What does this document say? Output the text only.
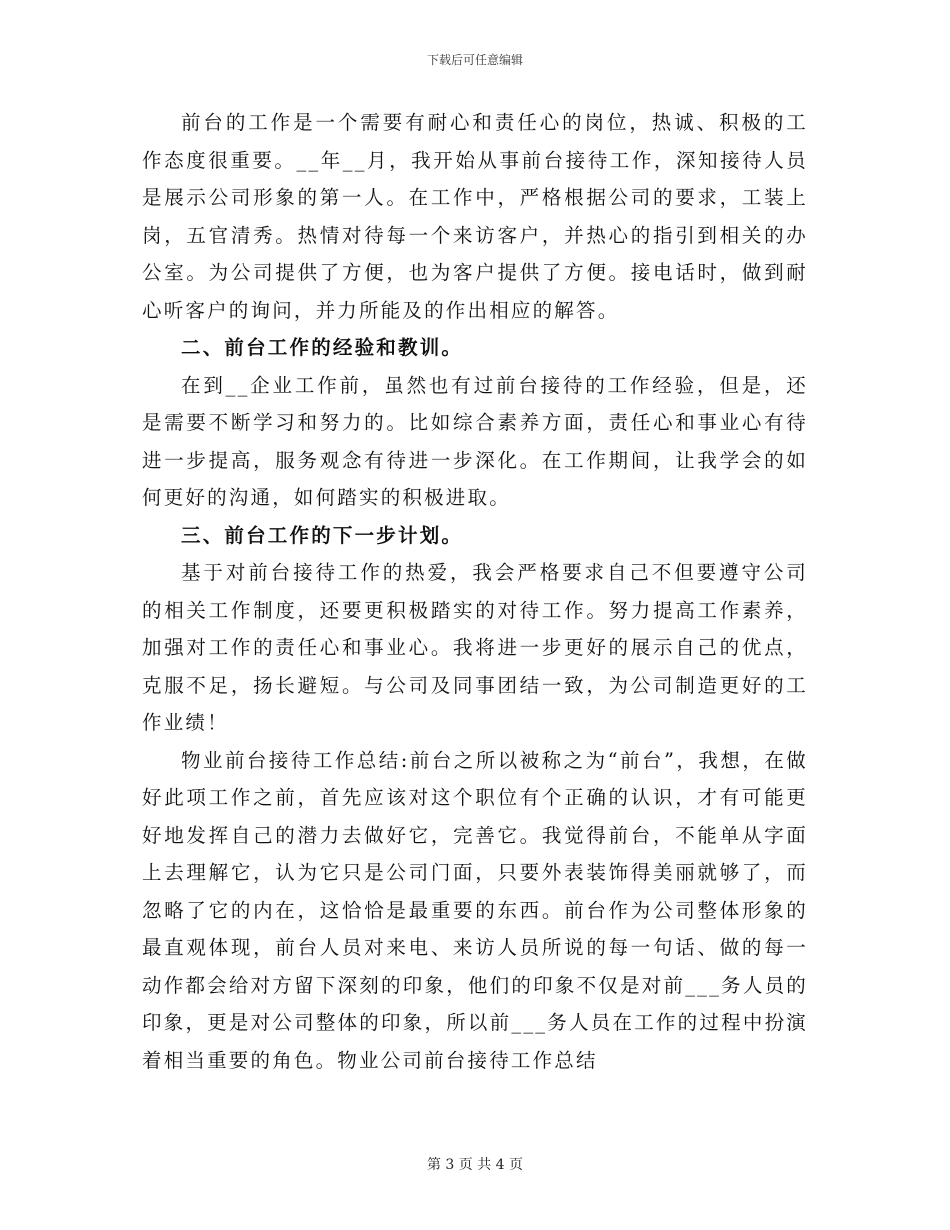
下载后可任意编辑

前台的工作是一个需要有耐心和责任心的岗位，热诚、积极的工作态度很重要。__年__月，我开始从事前台接待工作，深知接待人员是展示公司形象的第一人。在工作中，严格根据公司的要求，工装上岗，五官清秀。热情对待每一个来访客户，并热心的指引到相关的办公室。为公司提供了方便，也为客户提供了方便。接电话时，做到耐心听客户的询问，并力所能及的作出相应的解答。

二、前台工作的经验和教训。

在到__企业工作前，虽然也有过前台接待的工作经验，但是，还是需要不断学习和努力的。比如综合素养方面，责任心和事业心有待进一步提高，服务观念有待进一步深化。在工作期间，让我学会的如何更好的沟通，如何踏实的积极进取。

三、前台工作的下一步计划。

基于对前台接待工作的热爱，我会严格要求自己不但要遵守公司的相关工作制度，还要更积极踏实的对待工作。努力提高工作素养，加强对工作的责任心和事业心。我将进一步更好的展示自己的优点，克服不足，扬长避短。与公司及同事团结一致，为公司制造更好的工作业绩！

物业前台接待工作总结:前台之所以被称之为“前台”，我想，在做好此项工作之前，首先应该对这个职位有个正确的认识，才有可能更好地发挥自己的潜力去做好它，完善它。我觉得前台，不能单从字面上去理解它，认为它只是公司门面，只要外表装饰得美丽就够了，而忽略了它的内在，这恰恰是最重要的东西。前台作为公司整体形象的最直观体现，前台人员对来电、来访人员所说的每一句话、做的每一动作都会给对方留下深刻的印象，他们的印象不仅是对前___务人员的印象，更是对公司整体的印象，所以前___务人员在工作的过程中扮演着相当重要的角色。物业公司前台接待工作总结

第 3 页 共 4 页
